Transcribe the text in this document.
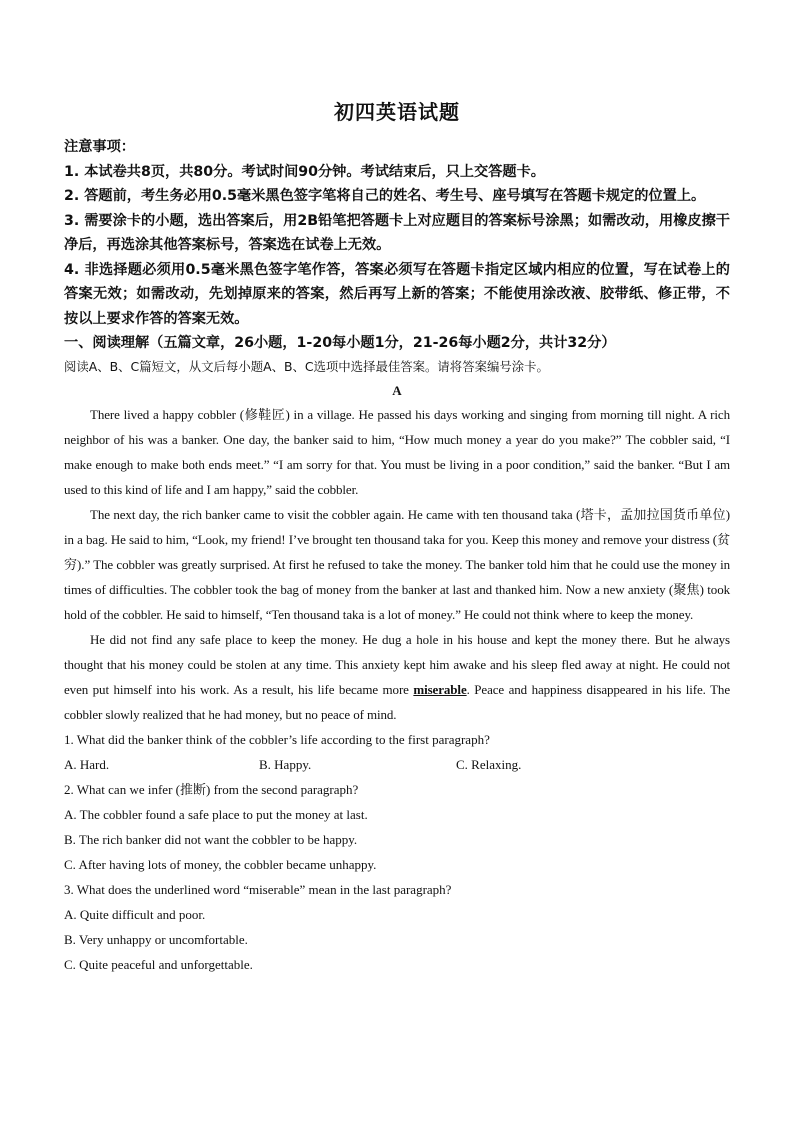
初四英语试题
注意事项：
1. 本试卷共8页，共80分。考试时间90分钟。考试结束后，只上交答题卡。
2. 答题前，考生务必用0.5毫米黑色签字笔将自己的姓名、考生号、座号填写在答题卡规定的位置上。
3. 需要涂卡的小题，选出答案后，用2B铅笔把答题卡上对应题目的答案标号涂黑；如需改动，用橡皮擦干净后，再选涂其他答案标号，答案选在试卷上无效。
4. 非选择题必须用0.5毫米黑色签字笔作答，答案必须写在答题卡指定区域内相应的位置，写在试卷上的答案无效；如需改动，先划掉原来的答案，然后再写上新的答案；不能使用涂改液、胶带纸、修正带，不按以上要求作答的答案无效。
一、阅读理解（五篇文章，26小题，1-20每小题1分，21-26每小题2分，共计32分）
阅读A、B、C篇短文，从文后每小题A、B、C选项中选择最佳答案。请将答案编号涂卡。
A
There lived a happy cobbler (修鞋匠) in a village. He passed his days working and singing from morning till night. A rich neighbor of his was a banker. One day, the banker said to him, “How much money a year do you make?” The cobbler said, “I make enough to make both ends meet.” “I am sorry for that. You must be living in a poor condition,” said the banker. “But I am used to this kind of life and I am happy,” said the cobbler.
The next day, the rich banker came to visit the cobbler again. He came with ten thousand taka (塔卡，孟加拉国货币单位) in a bag. He said to him, “Look, my friend! I’ve brought ten thousand taka for you. Keep this money and remove your distress (贫穷).” The cobbler was greatly surprised. At first he refused to take the money. The banker told him that he could use the money in times of difficulties. The cobbler took the bag of money from the banker at last and thanked him. Now a new anxiety (聚焦) took hold of the cobbler. He said to himself, “Ten thousand taka is a lot of money.” He could not think where to keep the money.
He did not find any safe place to keep the money. He dug a hole in his house and kept the money there. But he always thought that his money could be stolen at any time. This anxiety kept him awake and his sleep fled away at night. He could not even put himself into his work. As a result, his life became more miserable. Peace and happiness disappeared in his life. The cobbler slowly realized that he had money, but no peace of mind.
1. What did the banker think of the cobbler’s life according to the first paragraph?
A. Hard.	B. Happy.	C. Relaxing.
2. What can we infer (推断) from the second paragraph?
A. The cobbler found a safe place to put the money at last.
B. The rich banker did not want the cobbler to be happy.
C. After having lots of money, the cobbler became unhappy.
3. What does the underlined word “miserable” mean in the last paragraph?
A. Quite difficult and poor.
B. Very unhappy or uncomfortable.
C. Quite peaceful and unforgettable.
